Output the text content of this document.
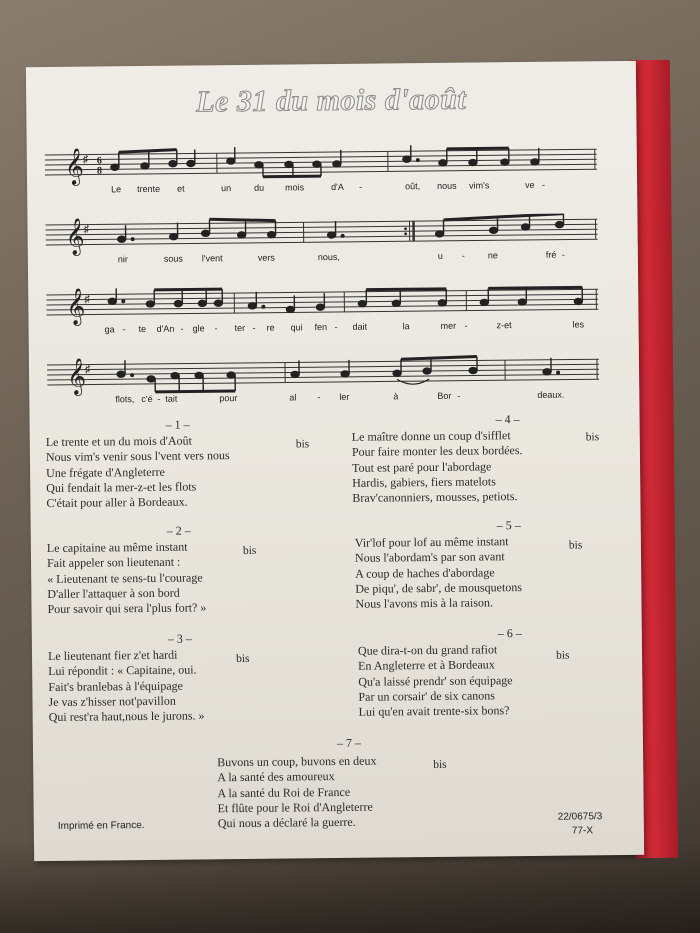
Le 31 du mois d'août
𝄞
♯ 6
8
Le trente et	un	du mois	d'A -	oût, nous vim's	ve -
𝄞
♯
nir	sous l'vent	vers	nous,	u -	ne	fré -
𝄞
♯
ga - te d'An - gle - ter - re qui fen - dait	la	mer -	z-et	les
𝄞
♯
flots, c'é - tait	pour	al - ler	à	Bor -	deaux.
– 1 –
Le trente et un du mois d'Août
Nous vim's venir sous l'vent vers nous
Une frégate d'Angleterre
Qui fendait la mer-z-et les flots
C'était pour aller à Bordeaux.
bis
– 4 –
Le maître donne un coup d'sifflet
Pour faire monter les deux bordées.
Tout est paré pour l'abordage
Hardis, gabiers, fiers matelots
Brav'canonniers, mousses, petiots.
bis
– 2 –
Le capitaine au même instant
Fait appeler son lieutenant :
« Lieutenant te sens-tu l'courage
D'aller l'attaquer à son bord
Pour savoir qui sera l'plus fort? »
bis
– 5 –
Vir'lof pour lof au même instant
Nous l'abordam's par son avant
A coup de haches d'abordage
De piqu', de sabr', de mousquetons
Nous l'avons mis à la raison.
bis
– 3 –
Le lieutenant fier z'et hardi
Lui répondit : « Capitaine, oui.
Fait's branlebas à l'équipage
Je vas z'hisser not'pavillon
Qui rest'ra haut,nous le jurons. »
bis
– 6 –
Que dira-t-on du grand rafiot
En Angleterre et à Bordeaux
Qu'a laissé prendr' son équipage
Par un corsair' de six canons
Lui qu'en avait trente-six bons?
bis
– 7 –
Buvons un coup, buvons en deux
A la santé des amoureux
A la santé du Roi de France
Et flûte pour le Roi d'Angleterre
Qui nous a déclaré la guerre.
bis
Imprimé en France.
22/0675/3
77-X
